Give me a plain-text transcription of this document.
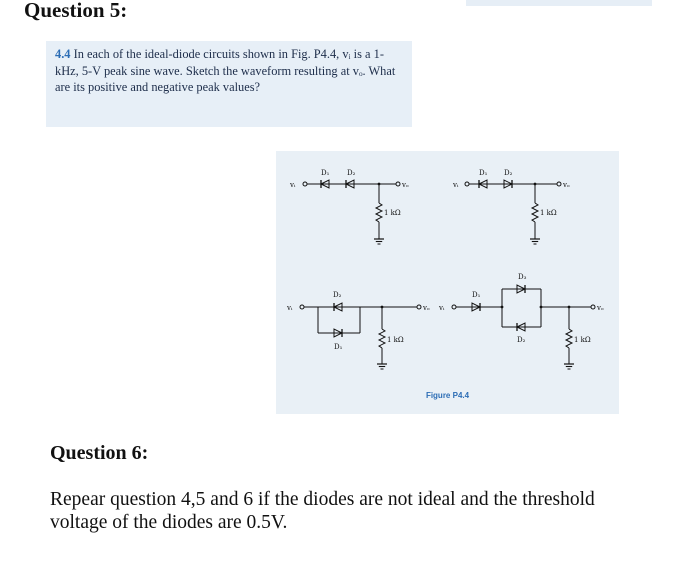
Question 5:

4.4 In each of the ideal-diode circuits shown in Fig. P4.4, vᵢ is a 1-kHz, 5-V peak sine wave. Sketch the waveform resulting at vₒ. What are its positive and negative peak values?

vᵢ	vₒ
D₁	D₂
1 kΩ
vᵢ	vₒ
D₁ D₂
1 kΩ
vᵢ	vₒ
D₂
D₁
1 kΩ
vᵢ	vₒ
D₁
D₃
D₂	1 kΩ
Figure P4.4
Question 6:

Repear question 4,5 and 6 if the diodes are not ideal and the threshold voltage of the diodes are 0.5V.
